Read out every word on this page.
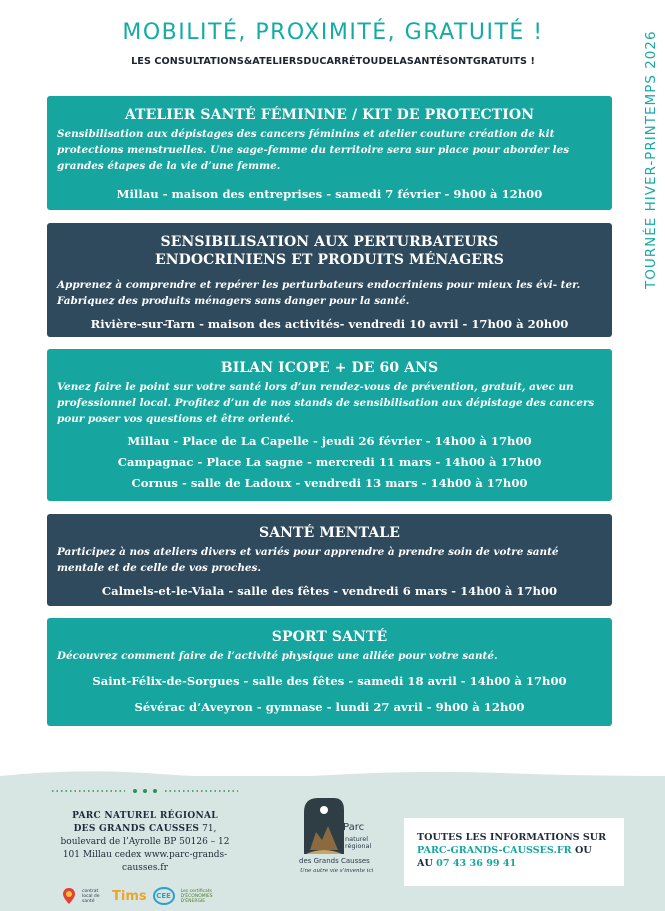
MOBILITÉ, PROXIMITÉ, GRATUITÉ !
LES CONSULTATIONS&ATELIERSDUCARRÉTOUDELASANTÉSONTGRATUITS !	TOURNÉE HIVER-PRINTEMPS 2026
ATELIER SANTÉ FÉMININE / KIT DE PROTECTION

Sensibilisation aux dépistages des cancers féminins et atelier couture création de kit protections menstruelles. Une sage-femme du territoire sera sur place pour aborder les grandes étapes de la vie d’une femme.

Millau - maison des entreprises - samedi 7 février - 9h00 à 12h00

SENSIBILISATION AUX PERTURBATEURS ENDOCRINIENS ET PRODUITS MÉNAGERS

Apprenez à comprendre et repérer les perturbateurs endocriniens pour mieux les évi- ter. Fabriquez des produits ménagers sans danger pour la santé.

Rivière-sur-Tarn - maison des activités- vendredi 10 avril - 17h00 à 20h00

BILAN ICOPE + DE 60 ANS

Venez faire le point sur votre santé lors d’un rendez-vous de prévention, gratuit, avec un professionnel local. Profitez d’un de nos stands de sensibilisation aux dépistage des cancers pour poser vos questions et être orienté.

Millau - Place de La Capelle - jeudi 26 février - 14h00 à 17h00

Campagnac - Place La sagne - mercredi 11 mars - 14h00 à 17h00

Cornus - salle de Ladoux - vendredi 13 mars - 14h00 à 17h00

SANTÉ MENTALE

Participez à nos ateliers divers et variés pour apprendre à prendre soin de votre santé mentale et de celle de vos proches.

Calmels-et-le-Viala - salle des fêtes - vendredi 6 mars - 14h00 à 17h00

SPORT SANTÉ

Découvrez comment faire de l’activité physique une alliée pour votre santé.

Saint-Félix-de-Sorgues - salle des fêtes - samedi 18 avril - 14h00 à 17h00

Sévérac d’Aveyron - gymnase - lundi 27 avril - 9h00 à 12h00

PARC NATUREL RÉGIONAL
DES GRANDS CAUSSES 71, boulevard de l’Ayrolle BP 50126 – 12 101 Millau cedex www.parc-grands-causses.fr
contrat local de santé	Tims	CEE
Les certificats D'ÉCONOMIES D'ÉNERGIE
Parc
naturel
régional
des Grands Causses
Une autre vie s’invente ici
TOUTES LES INFORMATIONS SUR
PARC-GRANDS-CAUSSES.FR OU
AU 07 43 36 99 41
